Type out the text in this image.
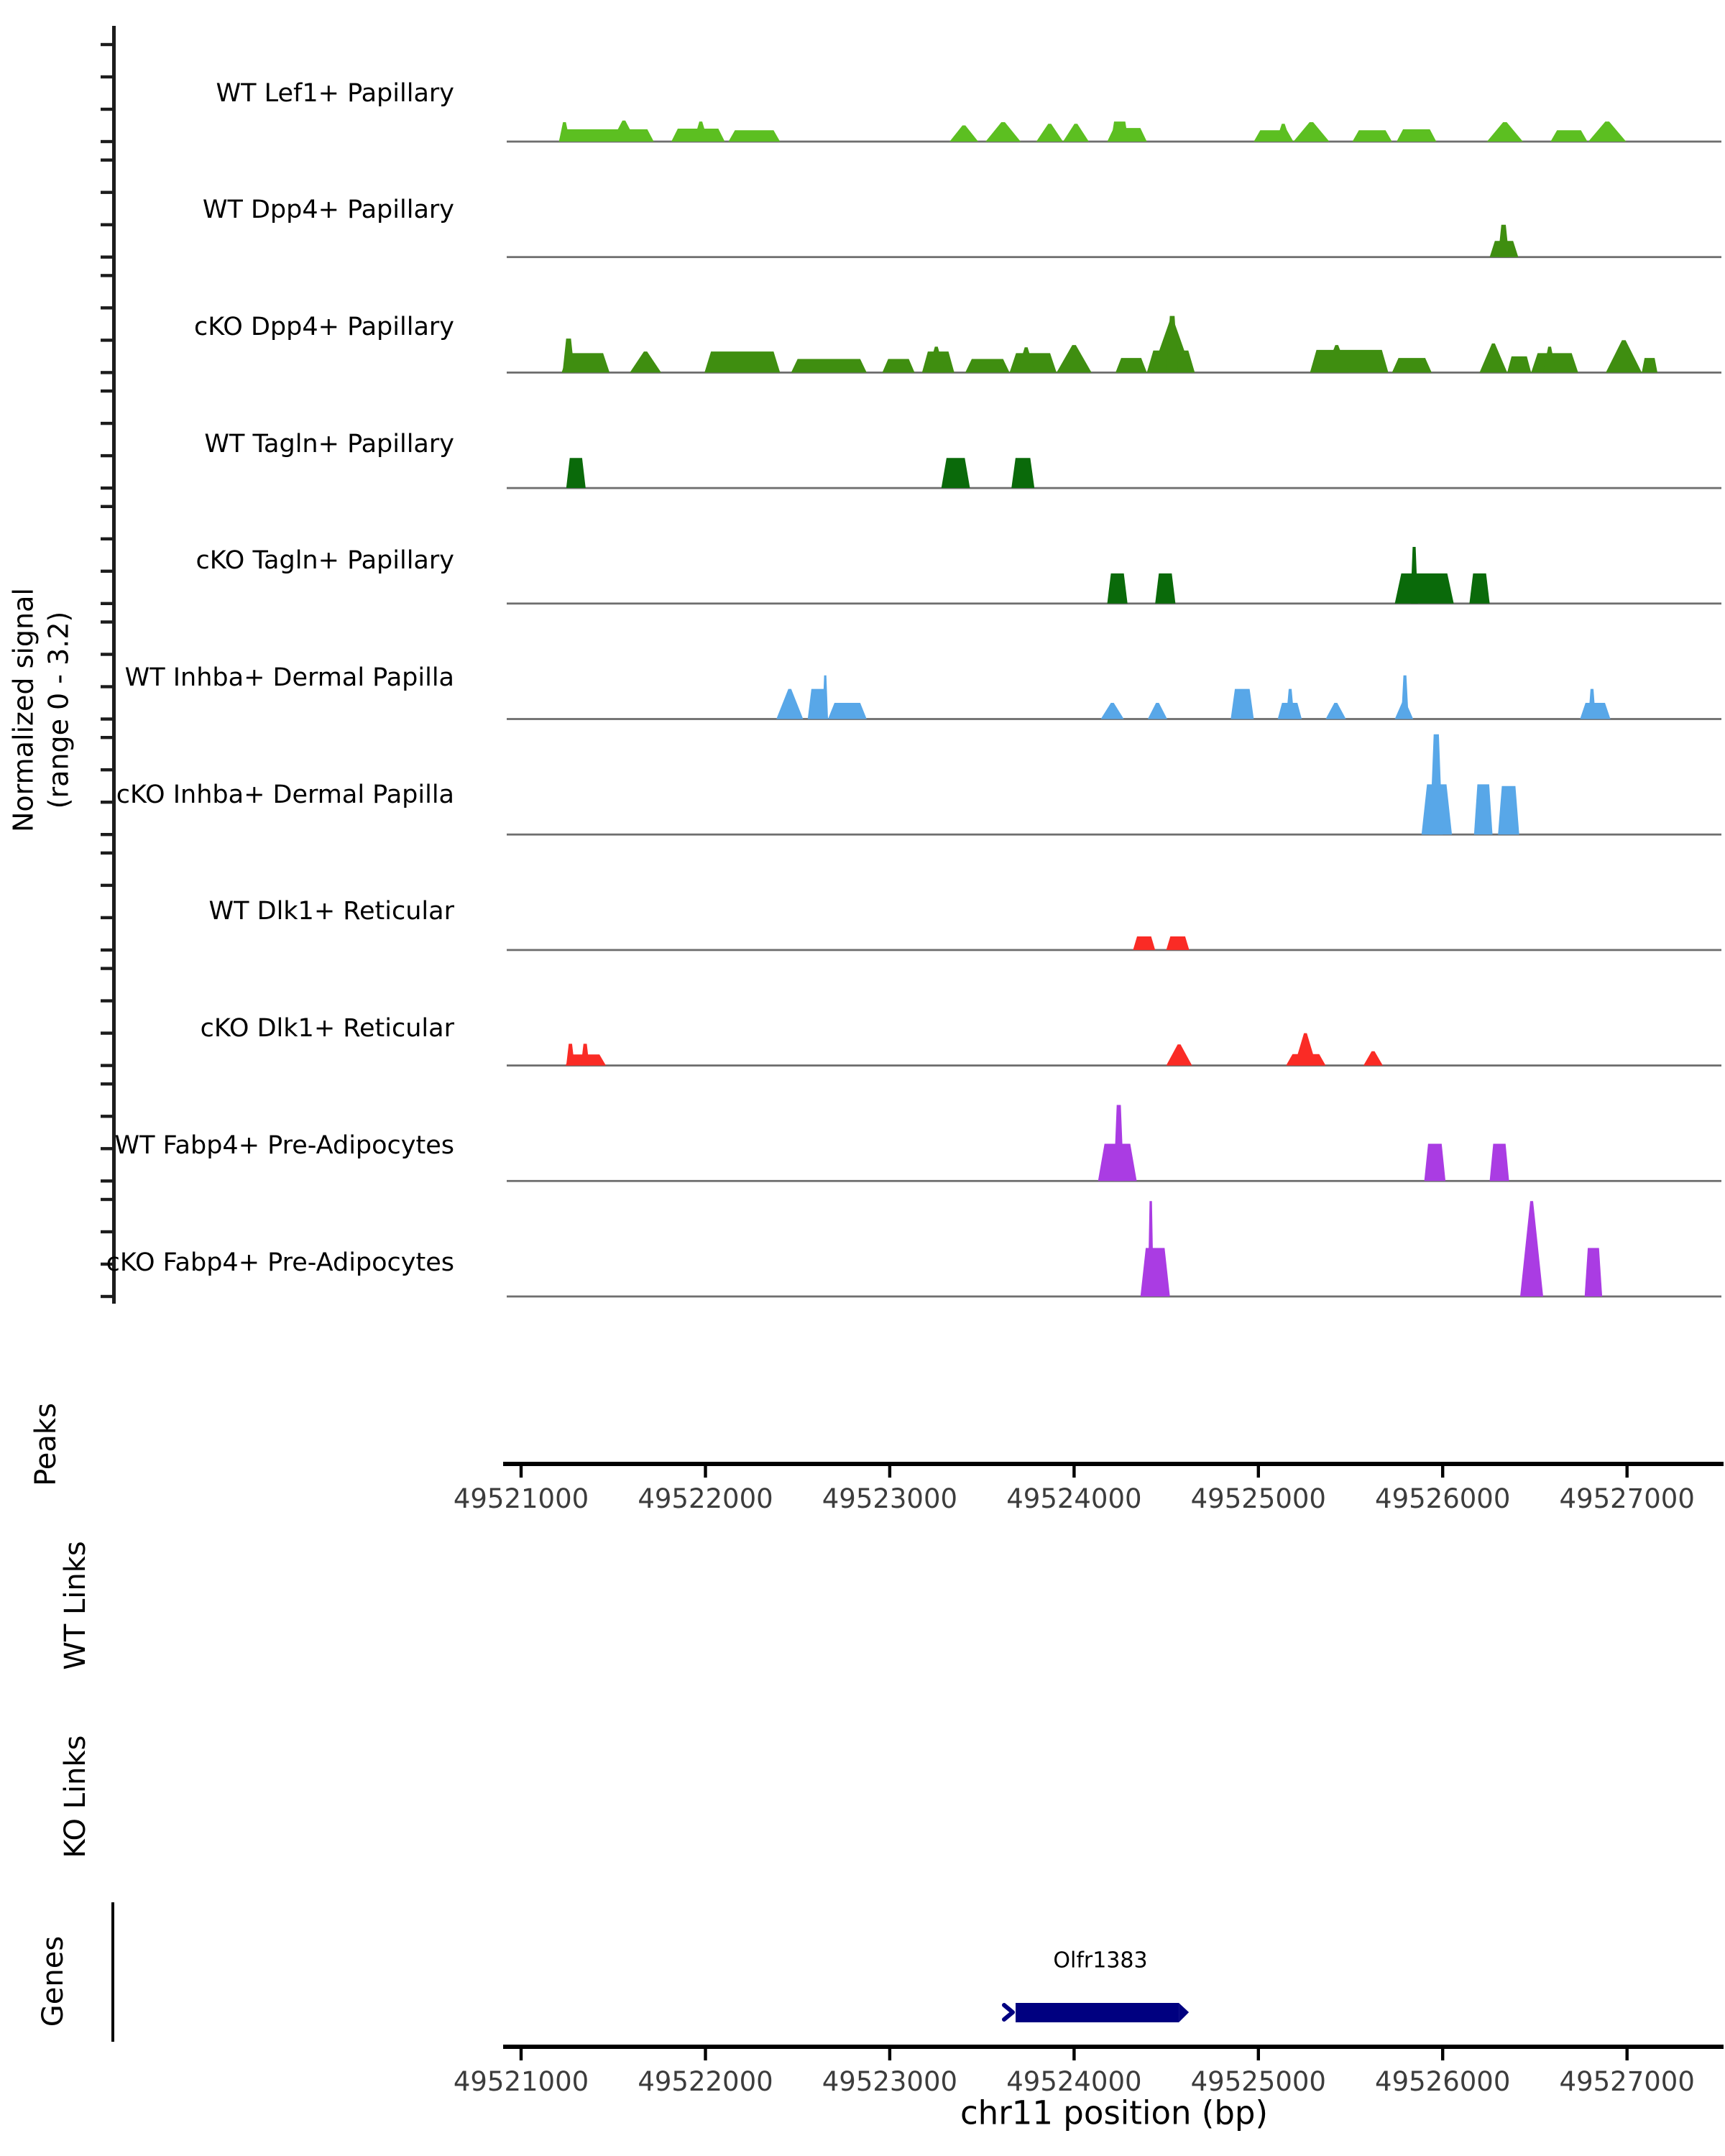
49521000 49522000 49523000 49524000 49525000 49526000 49527000
49521000 49522000 49523000 49524000 49525000 49526000 49527000
Normalized signal (range 0 - 3.2)
Peaks
WT Links
KO Links
Genes	Olfr1383
chr11 position (bp)
WT Lef1+ Papillary
WT Dpp4+ Papillary
cKO Dpp4+ Papillary
WT Tagln+ Papillary
cKO Tagln+ Papillary
WT Inhba+ Dermal Papilla
cKO Inhba+ Dermal Papilla
WT Dlk1+ Reticular
cKO Dlk1+ Reticular
WT Fabp4+ Pre-Adipocytes
cKO Fabp4+ Pre-Adipocytes
